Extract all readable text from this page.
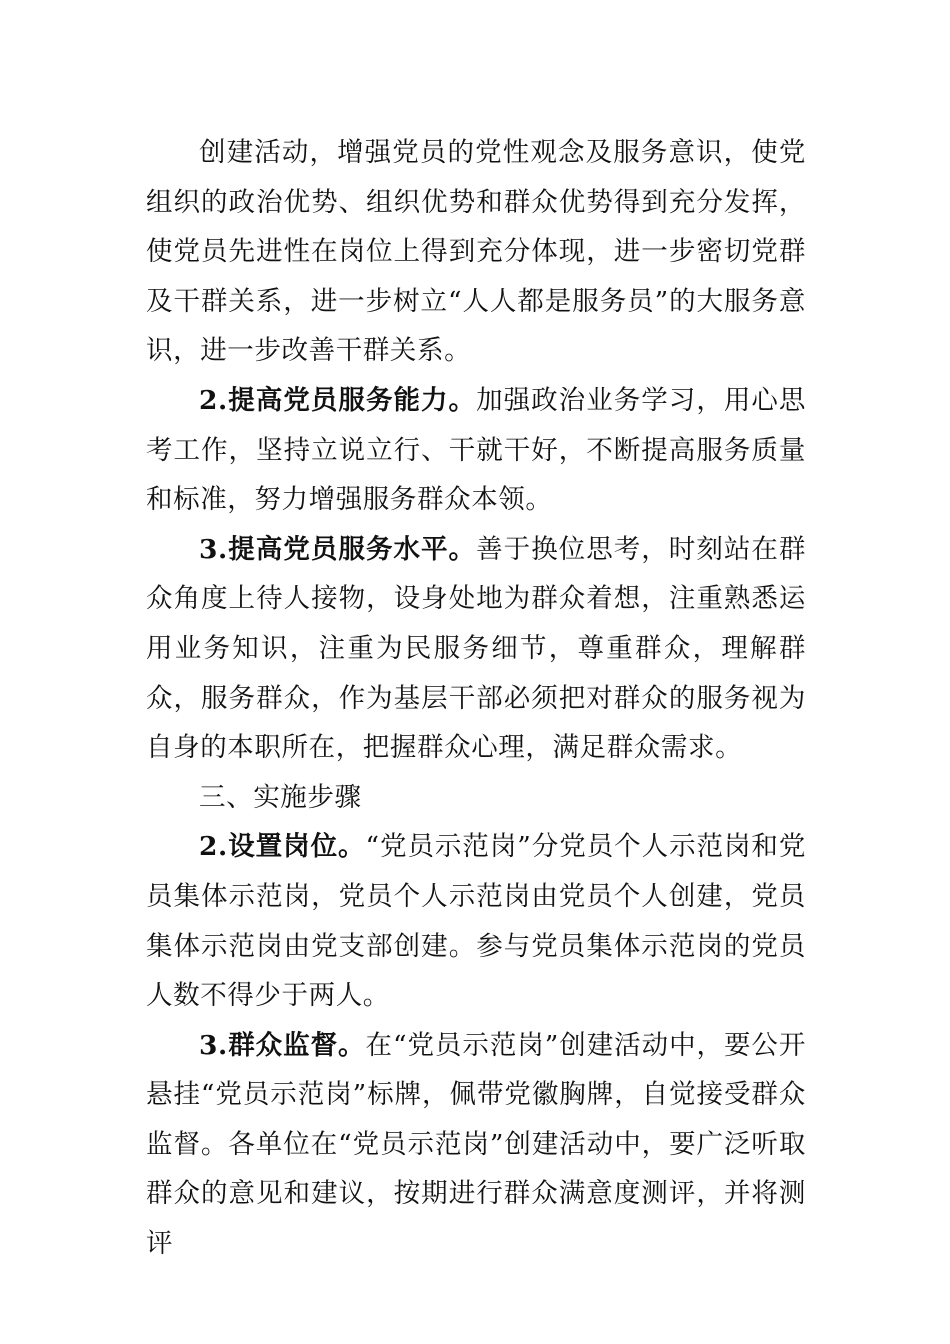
创建活动，增强党员的党性观念及服务意识，使党组织的政治优势、组织优势和群众优势得到充分发挥，使党员先进性在岗位上得到充分体现，进一步密切党群及干群关系，进一步树立“人人都是服务员”的大服务意识，进一步改善干群关系。

2.提高党员服务能力。加强政治业务学习，用心思考工作，坚持立说立行、干就干好，不断提高服务质量和标准，努力增强服务群众本领。

3.提高党员服务水平。善于换位思考，时刻站在群众角度上待人接物，设身处地为群众着想，注重熟悉运用业务知识，注重为民服务细节，尊重群众，理解群众，服务群众，作为基层干部必须把对群众的服务视为自身的本职所在，把握群众心理，满足群众需求。

三、实施步骤

2.设置岗位。“党员示范岗”分党员个人示范岗和党员集体示范岗，党员个人示范岗由党员个人创建，党员集体示范岗由党支部创建。参与党员集体示范岗的党员人数不得少于两人。

3.群众监督。在“党员示范岗”创建活动中，要公开悬挂“党员示范岗”标牌，佩带党徽胸牌，自觉接受群众监督。各单位在“党员示范岗”创建活动中，要广泛听取群众的意见和建议，按期进行群众满意度测评，并将测评
